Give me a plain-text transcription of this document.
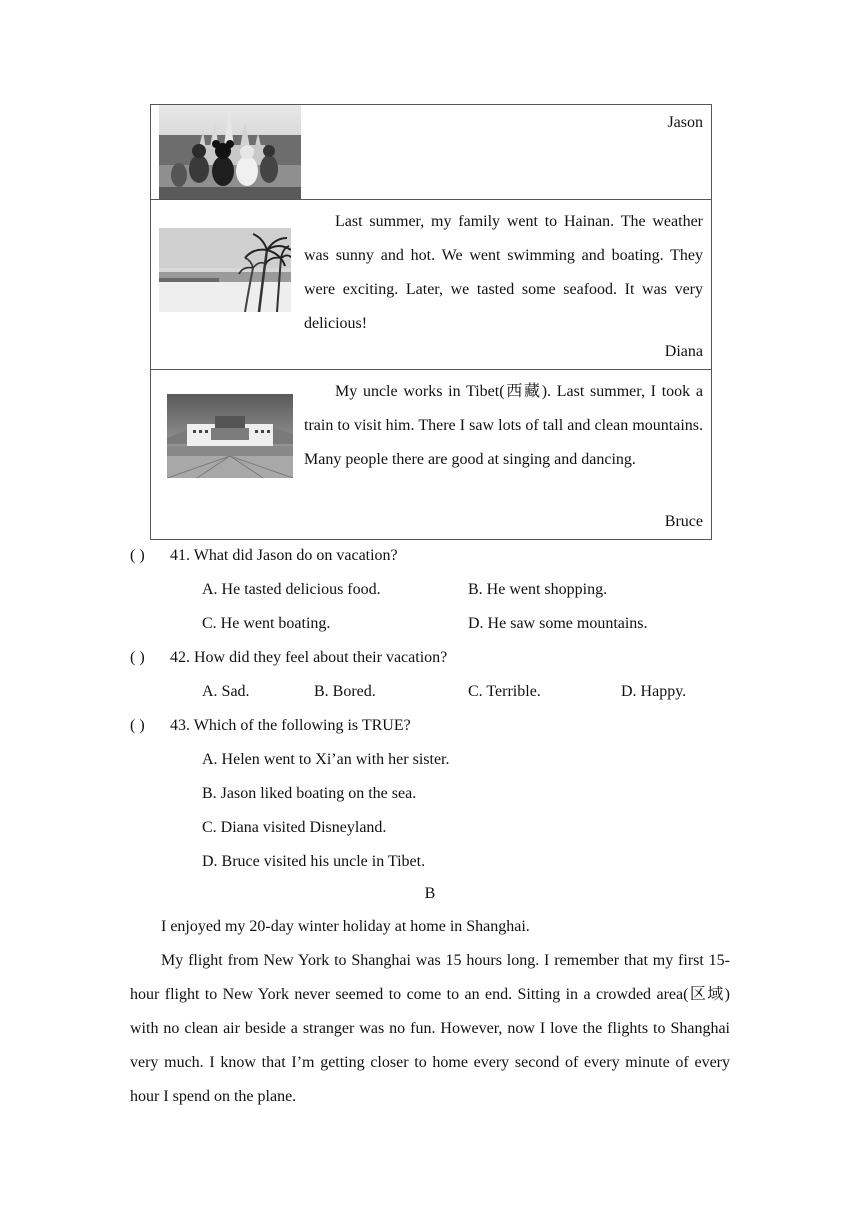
Jason
Last summer, my family went to Hainan. The weather was sunny and hot. We went swimming and boating. They were exciting. Later, we tasted some seafood. It was very delicious!
Diana
My uncle works in Tibet(西藏). Last summer, I took a train to visit him. There I saw lots of tall and clean mountains. Many people there are good at singing and dancing.
Bruce
( ) 41. What did Jason do on vacation?
A. He tasted delicious food.	B. He went shopping.
C. He went boating.	D. He saw some mountains.
( ) 42. How did they feel about their vacation?
A. Sad.	B. Bored.	C. Terrible.	D. Happy.
( ) 43. Which of the following is TRUE?
A. Helen went to Xi’an with her sister.
B. Jason liked boating on the sea.
C. Diana visited Disneyland.
D. Bruce visited his uncle in Tibet.
B
I enjoyed my 20-day winter holiday at home in Shanghai.
My flight from New York to Shanghai was 15 hours long. I remember that my first 15-hour flight to New York never seemed to come to an end. Sitting in a crowded area(区域) with no clean air beside a stranger was no fun. However, now I love the flights to Shanghai very much. I know that I’m getting closer to home every second of every minute of every hour I spend on the plane.
